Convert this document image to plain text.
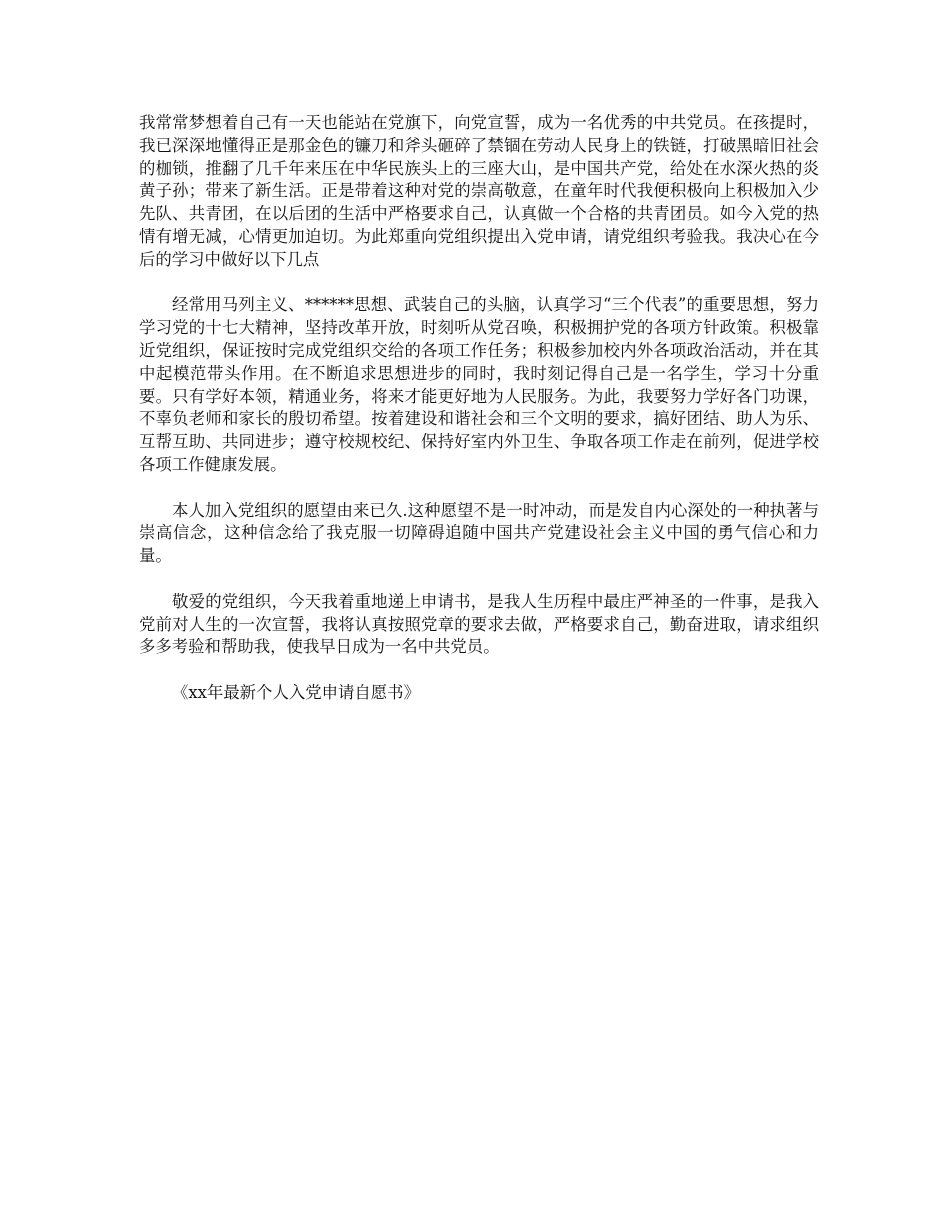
我常常梦想着自己有一天也能站在党旗下，向党宣誓，成为一名优秀的中共党员。在孩提时，我已深深地懂得正是那金色的镰刀和斧头砸碎了禁锢在劳动人民身上的铁链，打破黑暗旧社会的枷锁，推翻了几千年来压在中华民族头上的三座大山，是中国共产党，给处在水深火热的炎黄子孙；带来了新生活。正是带着这种对党的崇高敬意，在童年时代我便积极向上积极加入少先队、共青团，在以后团的生活中严格要求自己，认真做一个合格的共青团员。如今入党的热情有增无减，心情更加迫切。为此郑重向党组织提出入党申请，请党组织考验我。我决心在今后的学习中做好以下几点

经常用马列主义、******思想、武装自己的头脑，认真学习“三个代表”的重要思想，努力学习党的十七大精神，坚持改革开放，时刻听从党召唤，积极拥护党的各项方针政策。积极靠近党组织，保证按时完成党组织交给的各项工作任务；积极参加校内外各项政治活动，并在其中起模范带头作用。在不断追求思想进步的同时，我时刻记得自己是一名学生，学习十分重要。只有学好本领，精通业务，将来才能更好地为人民服务。为此，我要努力学好各门功课，不辜负老师和家长的殷切希望。按着建设和谐社会和三个文明的要求，搞好团结、助人为乐、互帮互助、共同进步；遵守校规校纪、保持好室内外卫生、争取各项工作走在前列，促进学校各项工作健康发展。

本人加入党组织的愿望由来已久.这种愿望不是一时冲动，而是发自内心深处的一种执著与崇高信念，这种信念给了我克服一切障碍追随中国共产党建设社会主义中国的勇气信心和力量。

敬爱的党组织，今天我着重地递上申请书，是我人生历程中最庄严神圣的一件事，是我入党前对人生的一次宣誓，我将认真按照党章的要求去做，严格要求自己，勤奋进取，请求组织多多考验和帮助我，使我早日成为一名中共党员。

《xx年最新个人入党申请自愿书》
